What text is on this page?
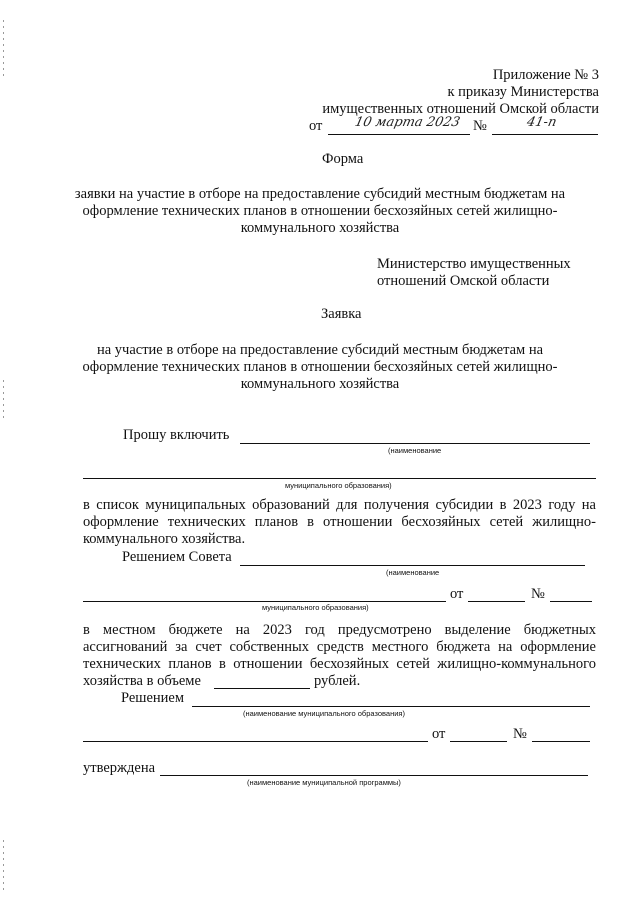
Приложение № 3
к приказу Министерства
имущественных отношений Омской области
от 10 марта 2023 №	41-п
Форма
заявки на участие в отборе на предоставление субсидий местным бюджетам на
оформление технических планов в отношении бесхозяйных сетей жилищно-
коммунального хозяйства
Министерство имущественных
отношений Омской области
Заявка
на участие в отборе на предоставление субсидий местным бюджетам на
оформление технических планов в отношении бесхозяйных сетей жилищно-
коммунального хозяйства
Прошу включить
(наименование
муниципального образования)
в список муниципальных образований для получения субсидии в 2023 году на
оформление технических планов в отношении бесхозяйных сетей жилищно-
коммунального хозяйства.
Решением Совета
(наименование
от	№
муниципального образования)
в местном бюджете на 2023 год предусмотрено выделение бюджетных
ассигнований за счет собственных средств местного бюджета на оформление
технических планов в отношении бесхозяйных сетей жилищно-коммунального
хозяйства в объеме	рублей.
Решением
(наименование муниципального образования)
от	№
утверждена
(наименование муниципальной программы)
